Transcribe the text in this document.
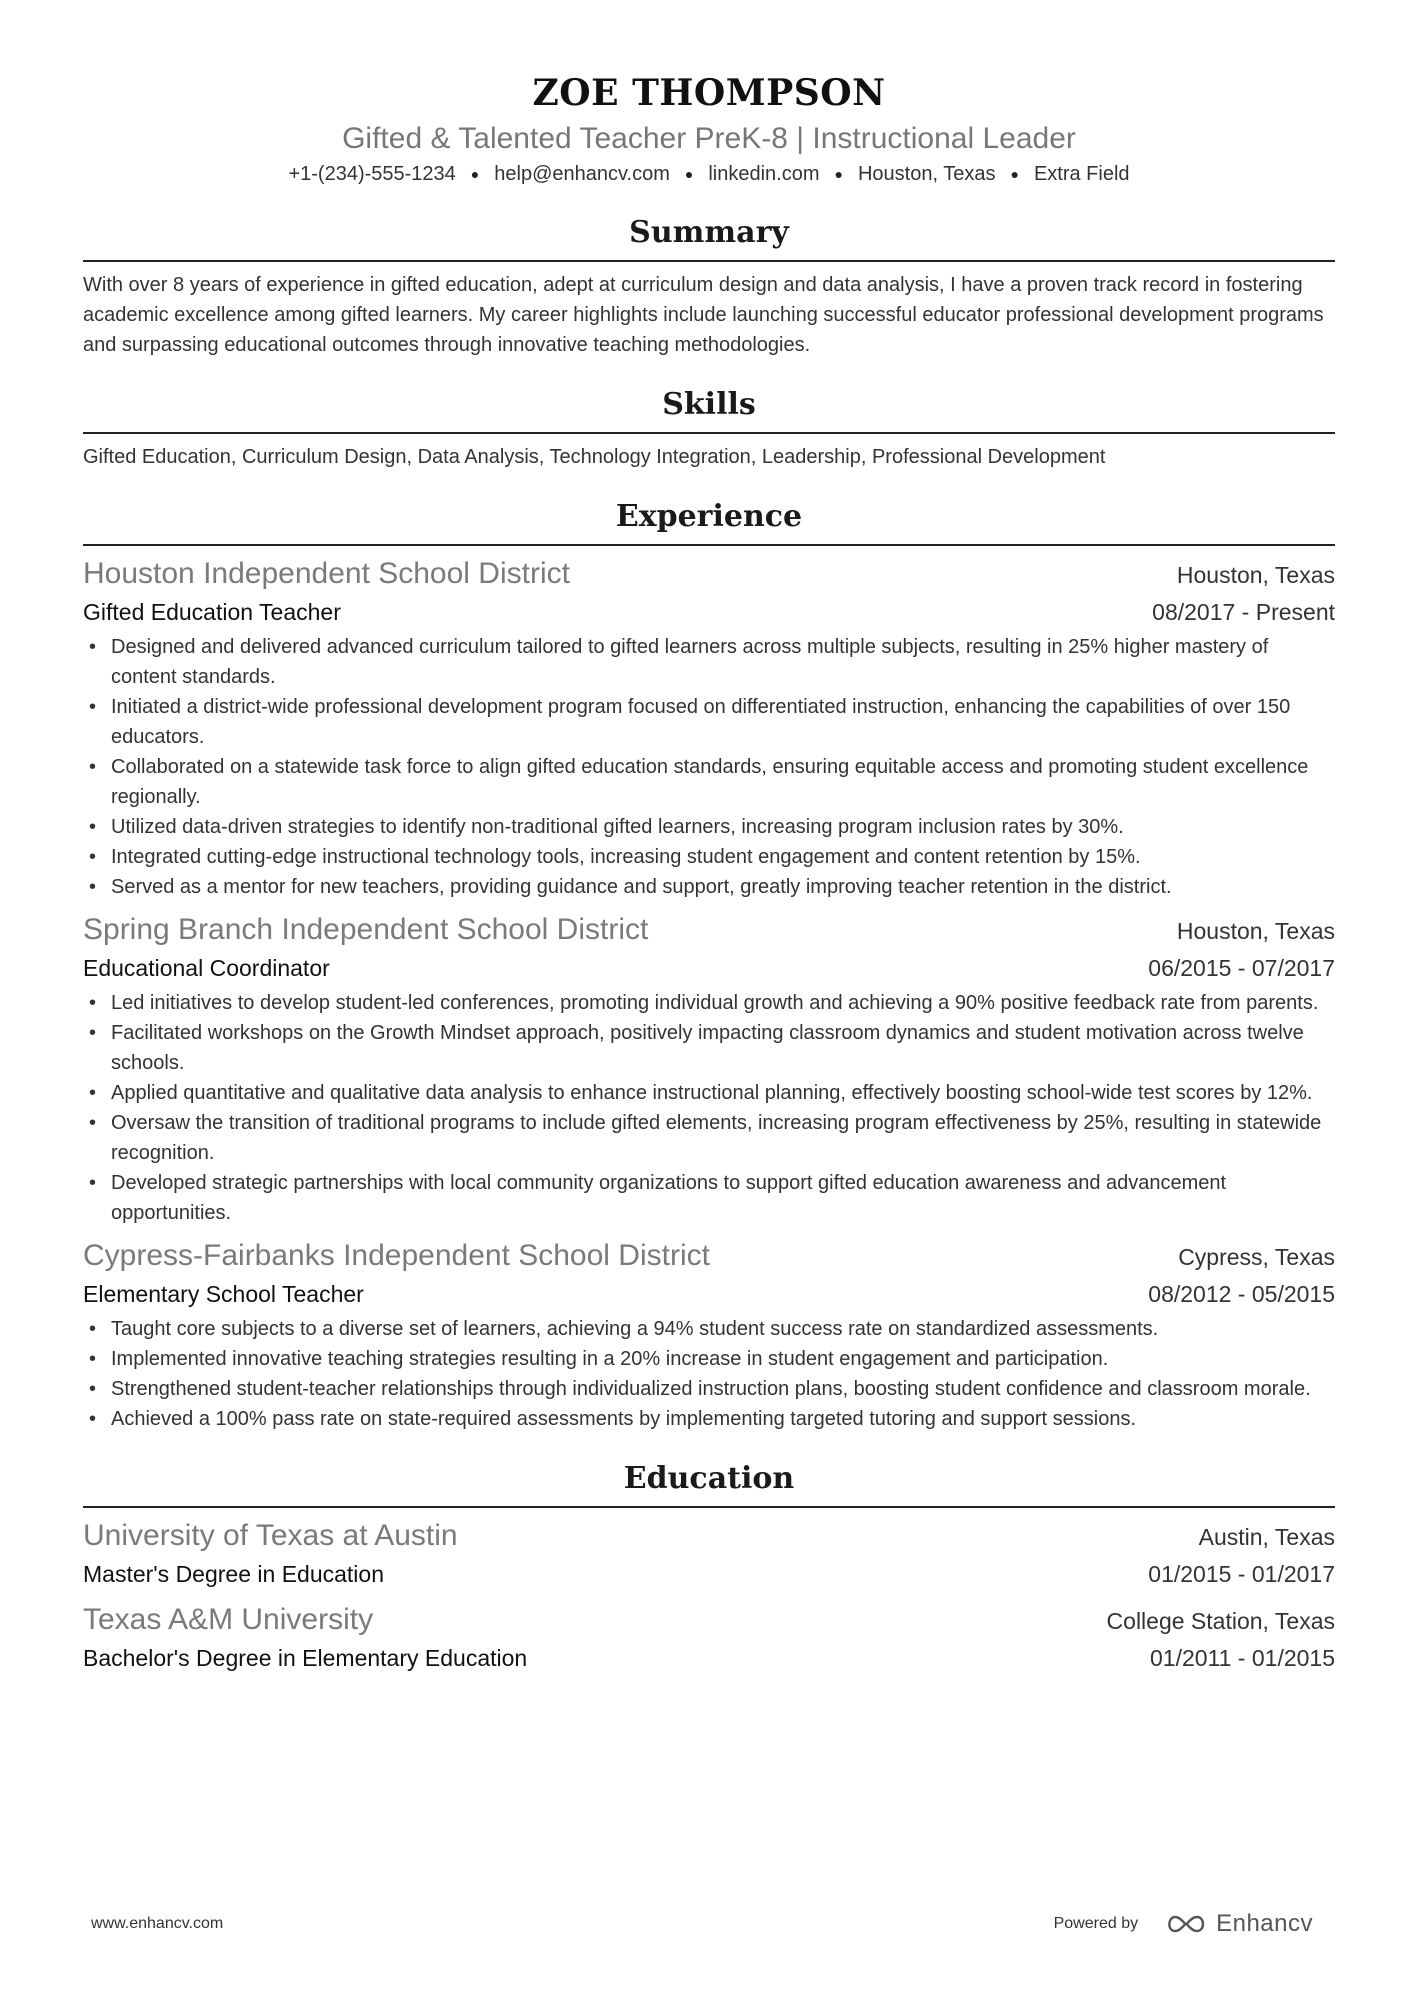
ZOE THOMPSON
Gifted & Talented Teacher PreK-8 | Instructional Leader
+1-(234)-555-1234 ● help@enhancv.com ● linkedin.com ● Houston, Texas ● Extra Field
Summary
With over 8 years of experience in gifted education, adept at curriculum design and data analysis, I have a proven track record in fostering academic excellence among gifted learners. My career highlights include launching successful educator professional development programs and surpassing educational outcomes through innovative teaching methodologies.
Skills
Gifted Education, Curriculum Design, Data Analysis, Technology Integration, Leadership, Professional Development
Experience
Houston Independent School District	Houston, Texas
Gifted Education Teacher	08/2017 - Present
• Designed and delivered advanced curriculum tailored to gifted learners across multiple subjects, resulting in 25% higher mastery of content standards.
• Initiated a district-wide professional development program focused on differentiated instruction, enhancing the capabilities of over 150 educators.
• Collaborated on a statewide task force to align gifted education standards, ensuring equitable access and promoting student excellence regionally.
• Utilized data-driven strategies to identify non-traditional gifted learners, increasing program inclusion rates by 30%.
• Integrated cutting-edge instructional technology tools, increasing student engagement and content retention by 15%.
• Served as a mentor for new teachers, providing guidance and support, greatly improving teacher retention in the district.
Spring Branch Independent School District	Houston, Texas
Educational Coordinator	06/2015 - 07/2017
• Led initiatives to develop student-led conferences, promoting individual growth and achieving a 90% positive feedback rate from parents.
• Facilitated workshops on the Growth Mindset approach, positively impacting classroom dynamics and student motivation across twelve schools.
• Applied quantitative and qualitative data analysis to enhance instructional planning, effectively boosting school-wide test scores by 12%.
• Oversaw the transition of traditional programs to include gifted elements, increasing program effectiveness by 25%, resulting in statewide recognition.
• Developed strategic partnerships with local community organizations to support gifted education awareness and advancement opportunities.
Cypress-Fairbanks Independent School District	Cypress, Texas
Elementary School Teacher	08/2012 - 05/2015
• Taught core subjects to a diverse set of learners, achieving a 94% student success rate on standardized assessments.
• Implemented innovative teaching strategies resulting in a 20% increase in student engagement and participation.
• Strengthened student-teacher relationships through individualized instruction plans, boosting student confidence and classroom morale.
• Achieved a 100% pass rate on state-required assessments by implementing targeted tutoring and support sessions.
Education
University of Texas at Austin	Austin, Texas
Master's Degree in Education	01/2015 - 01/2017
Texas A&M University	College Station, Texas
Bachelor's Degree in Elementary Education	01/2011 - 01/2015
www.enhancv.com	Powered by	Enhancv
